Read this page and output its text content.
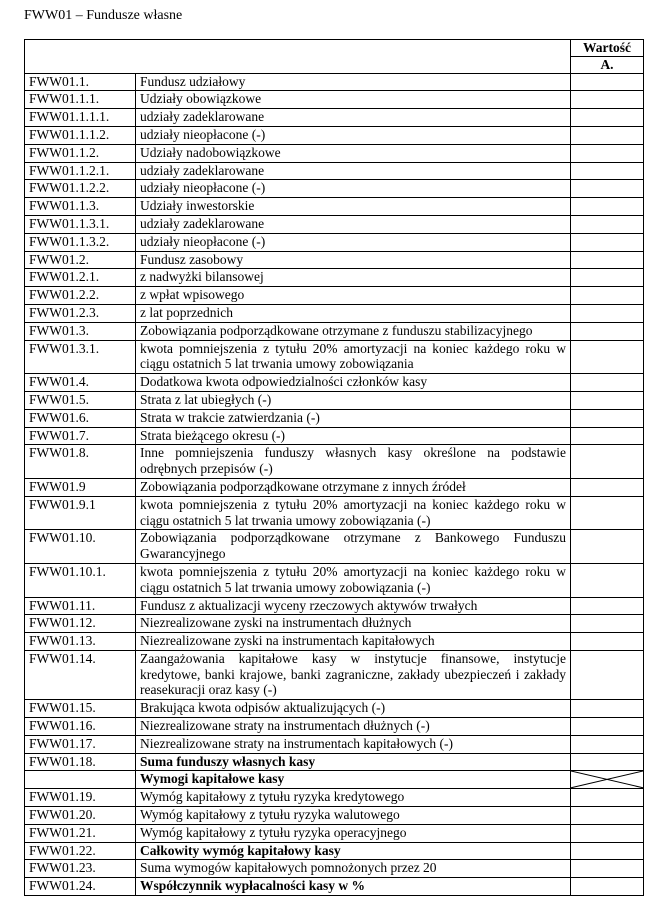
FWW01 – Fundusze własne
		Wartość
		A.
FWW01.1.	Fundusz udziałowy	
FWW01.1.1.	Udziały obowiązkowe	
FWW01.1.1.1.	udziały zadeklarowane	
FWW01.1.1.2.	udziały nieopłacone (-)	
FWW01.1.2.	Udziały nadobowiązkowe	
FWW01.1.2.1.	udziały zadeklarowane	
FWW01.1.2.2.	udziały nieopłacone (-)	
FWW01.1.3.	Udziały inwestorskie	
FWW01.1.3.1.	udziały zadeklarowane	
FWW01.1.3.2.	udziały nieopłacone (-)	
FWW01.2.	Fundusz zasobowy	
FWW01.2.1.	z nadwyżki bilansowej	
FWW01.2.2.	z wpłat wpisowego	
FWW01.2.3.	z lat poprzednich	
FWW01.3.	Zobowiązania podporządkowane otrzymane z funduszu stabilizacyjnego	
FWW01.3.1.	kwota pomniejszenia z tytułu 20% amortyzacji na koniec każdego roku w ciągu ostatnich 5 lat trwania umowy zobowiązania	
FWW01.4.	Dodatkowa kwota odpowiedzialności członków kasy	
FWW01.5.	Strata z lat ubiegłych (-)	
FWW01.6.	Strata w trakcie zatwierdzania (-)	
FWW01.7.	Strata bieżącego okresu (-)	
FWW01.8.	Inne pomniejszenia funduszy własnych kasy określone na podstawie odrębnych przepisów (-)	
FWW01.9	Zobowiązania podporządkowane otrzymane z innych źródeł	
FWW01.9.1	kwota pomniejszenia z tytułu 20% amortyzacji na koniec każdego roku w ciągu ostatnich 5 lat trwania umowy zobowiązania (-)	
FWW01.10.	Zobowiązania podporządkowane otrzymane z Bankowego Funduszu Gwarancyjnego	
FWW01.10.1.	kwota pomniejszenia z tytułu 20% amortyzacji na koniec każdego roku w ciągu ostatnich 5 lat trwania umowy zobowiązania (-)	
FWW01.11.	Fundusz z aktualizacji wyceny rzeczowych aktywów trwałych	
FWW01.12.	Niezrealizowane zyski na instrumentach dłużnych	
FWW01.13.	Niezrealizowane zyski na instrumentach kapitałowych	
FWW01.14.	Zaangażowania kapitałowe kasy w instytucje finansowe, instytucje kredytowe, banki krajowe, banki zagraniczne, zakłady ubezpieczeń i zakłady reasekuracji oraz kasy (-)	
FWW01.15.	Brakująca kwota odpisów aktualizujących (-)	
FWW01.16.	Niezrealizowane straty na instrumentach dłużnych (-)	
FWW01.17.	Niezrealizowane straty na instrumentach kapitałowych (-)	
FWW01.18.	Suma funduszy własnych kasy	
	Wymogi kapitałowe kasy	

FWW01.19.	Wymóg kapitałowy z tytułu ryzyka kredytowego	
FWW01.20.	Wymóg kapitałowy z tytułu ryzyka walutowego	
FWW01.21.	Wymóg kapitałowy z tytułu ryzyka operacyjnego	
FWW01.22.	Całkowity wymóg kapitałowy kasy	
FWW01.23.	Suma wymogów kapitałowych pomnożonych przez 20	
FWW01.24.	Współczynnik wypłacalności kasy w %	
